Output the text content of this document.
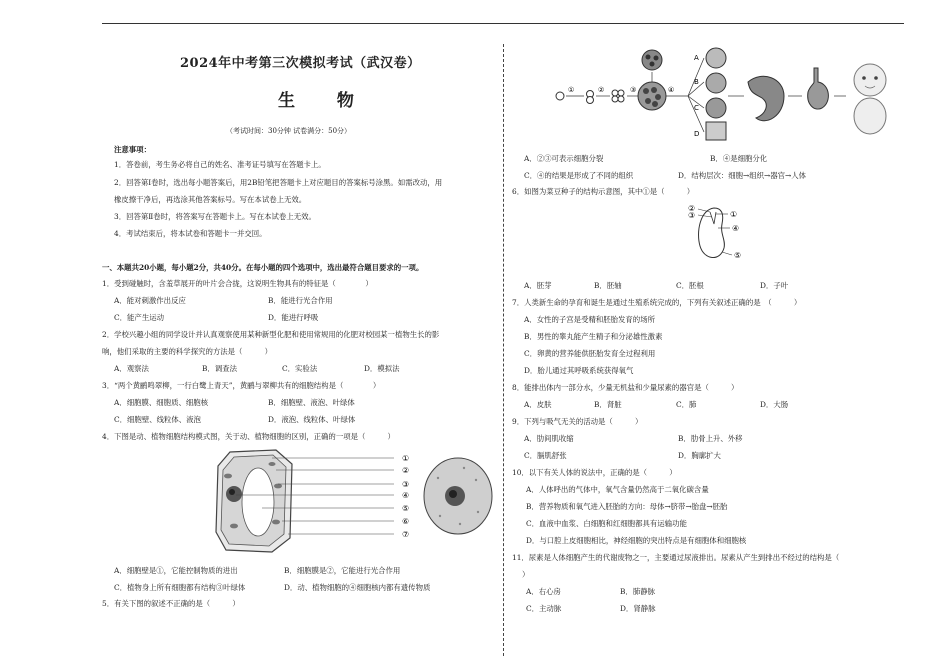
2024年中考第三次模拟考试（武汉卷）
生 物
（考试时间：30分钟 试卷满分：50分）
注意事项：
1．答卷前，考生务必将自己的姓名、准考证号填写在答题卡上。
2．回答第Ⅰ卷时，选出每小题答案后，用2B铅笔把答题卡上对应题目的答案标号涂黑。如需改动，用
橡皮擦干净后，再选涂其他答案标号。写在本试卷上无效。
3．回答第Ⅱ卷时，将答案写在答题卡上。写在本试卷上无效。
4．考试结束后，将本试卷和答题卡一并交回。
一、本题共20小题，每小题2分，共40分。在每小题的四个选项中，选出最符合题目要求的一项。
1．受到碰触时，含羞草展开的叶片会合拢，这说明生物具有的特征是（　　　　）
A．能对刺激作出反应	B．能进行光合作用
C．能产生运动	D．能进行呼吸
2．学校兴趣小组的同学设计并认真观察使用某种新型化肥和使用常规用的化肥对校园某一植物生长的影
响，他们采取的主要的科学探究的方法是（　　　）
A．观察法	B．调查法	C．实验法	D．模拟法
3．“两个黄鹂鸣翠柳，一行白鹭上青天”，黄鹂与翠柳共有的细胞结构是（　　　　）
A．细胞膜、细胞质、细胞核	B．细胞壁、液泡、叶绿体
C．细胞壁、线粒体、液泡	D．液泡、线粒体、叶绿体
4．下图是动、植物细胞结构模式图，关于动、植物细胞的区别，正确的一项是（　　　）
①
②
③
④
⑤
⑥
⑦
A．细胞壁是①，它能控制物质的进出	B．细胞膜是②，它能进行光合作用
C．植物身上所有细胞都有结构③叶绿体	D．动、植物细胞的④细胞核内都有遗传物质
5．有关下图的叙述不正确的是（　　　）
①	②	③	④
A
B
C
D
A．②③可表示细胞分裂	B．④是细胞分化
C．④的结果是形成了不同的组织	D．结构层次：细胞→组织→器官→人体
6．如图为菜豆种子的结构示意图，其中①是（　　　）
②
③	①
④
⑤
A．胚芽	B．胚轴	C．胚根	D．子叶
7．人类新生命的孕育和诞生是通过生殖系统完成的，下列有关叙述正确的是　（　　　）
A．女性的子宫是受精和胚胎发育的场所
B．男性的睾丸能产生精子和分泌雄性激素
C．卵黄的营养能供胚胎发育全过程利用
D．胎儿通过其呼吸系统获得氧气
8．能排出体内一部分水，少量无机盐和少量尿素的器官是（　　　）
A．皮肤	B．肾脏	C．肺	D．大肠
9．下列与吸气无关的活动是（　　　）
A．肋间肌收缩	B．肋骨上升、外移
C．膈肌舒张	D．胸廓扩大
10．以下有关人体的说法中，正确的是（　　　）
A．人体呼出的气体中，氧气含量仍然高于二氧化碳含量
B．营养物质和氧气进入胚胎的方向：母体→脐带→胎盘→胚胎
C．血液中血浆、白细胞和红细胞都具有运输功能
D．与口腔上皮细胞相比，神经细胞的突出特点是有细胞体和细胞核
11．尿素是人体细胞产生的代谢废物之一，主要通过尿液排出。尿素从产生到排出不经过的结构是（
）
A．右心房	B．肺静脉
C．主动脉	D．肾静脉
